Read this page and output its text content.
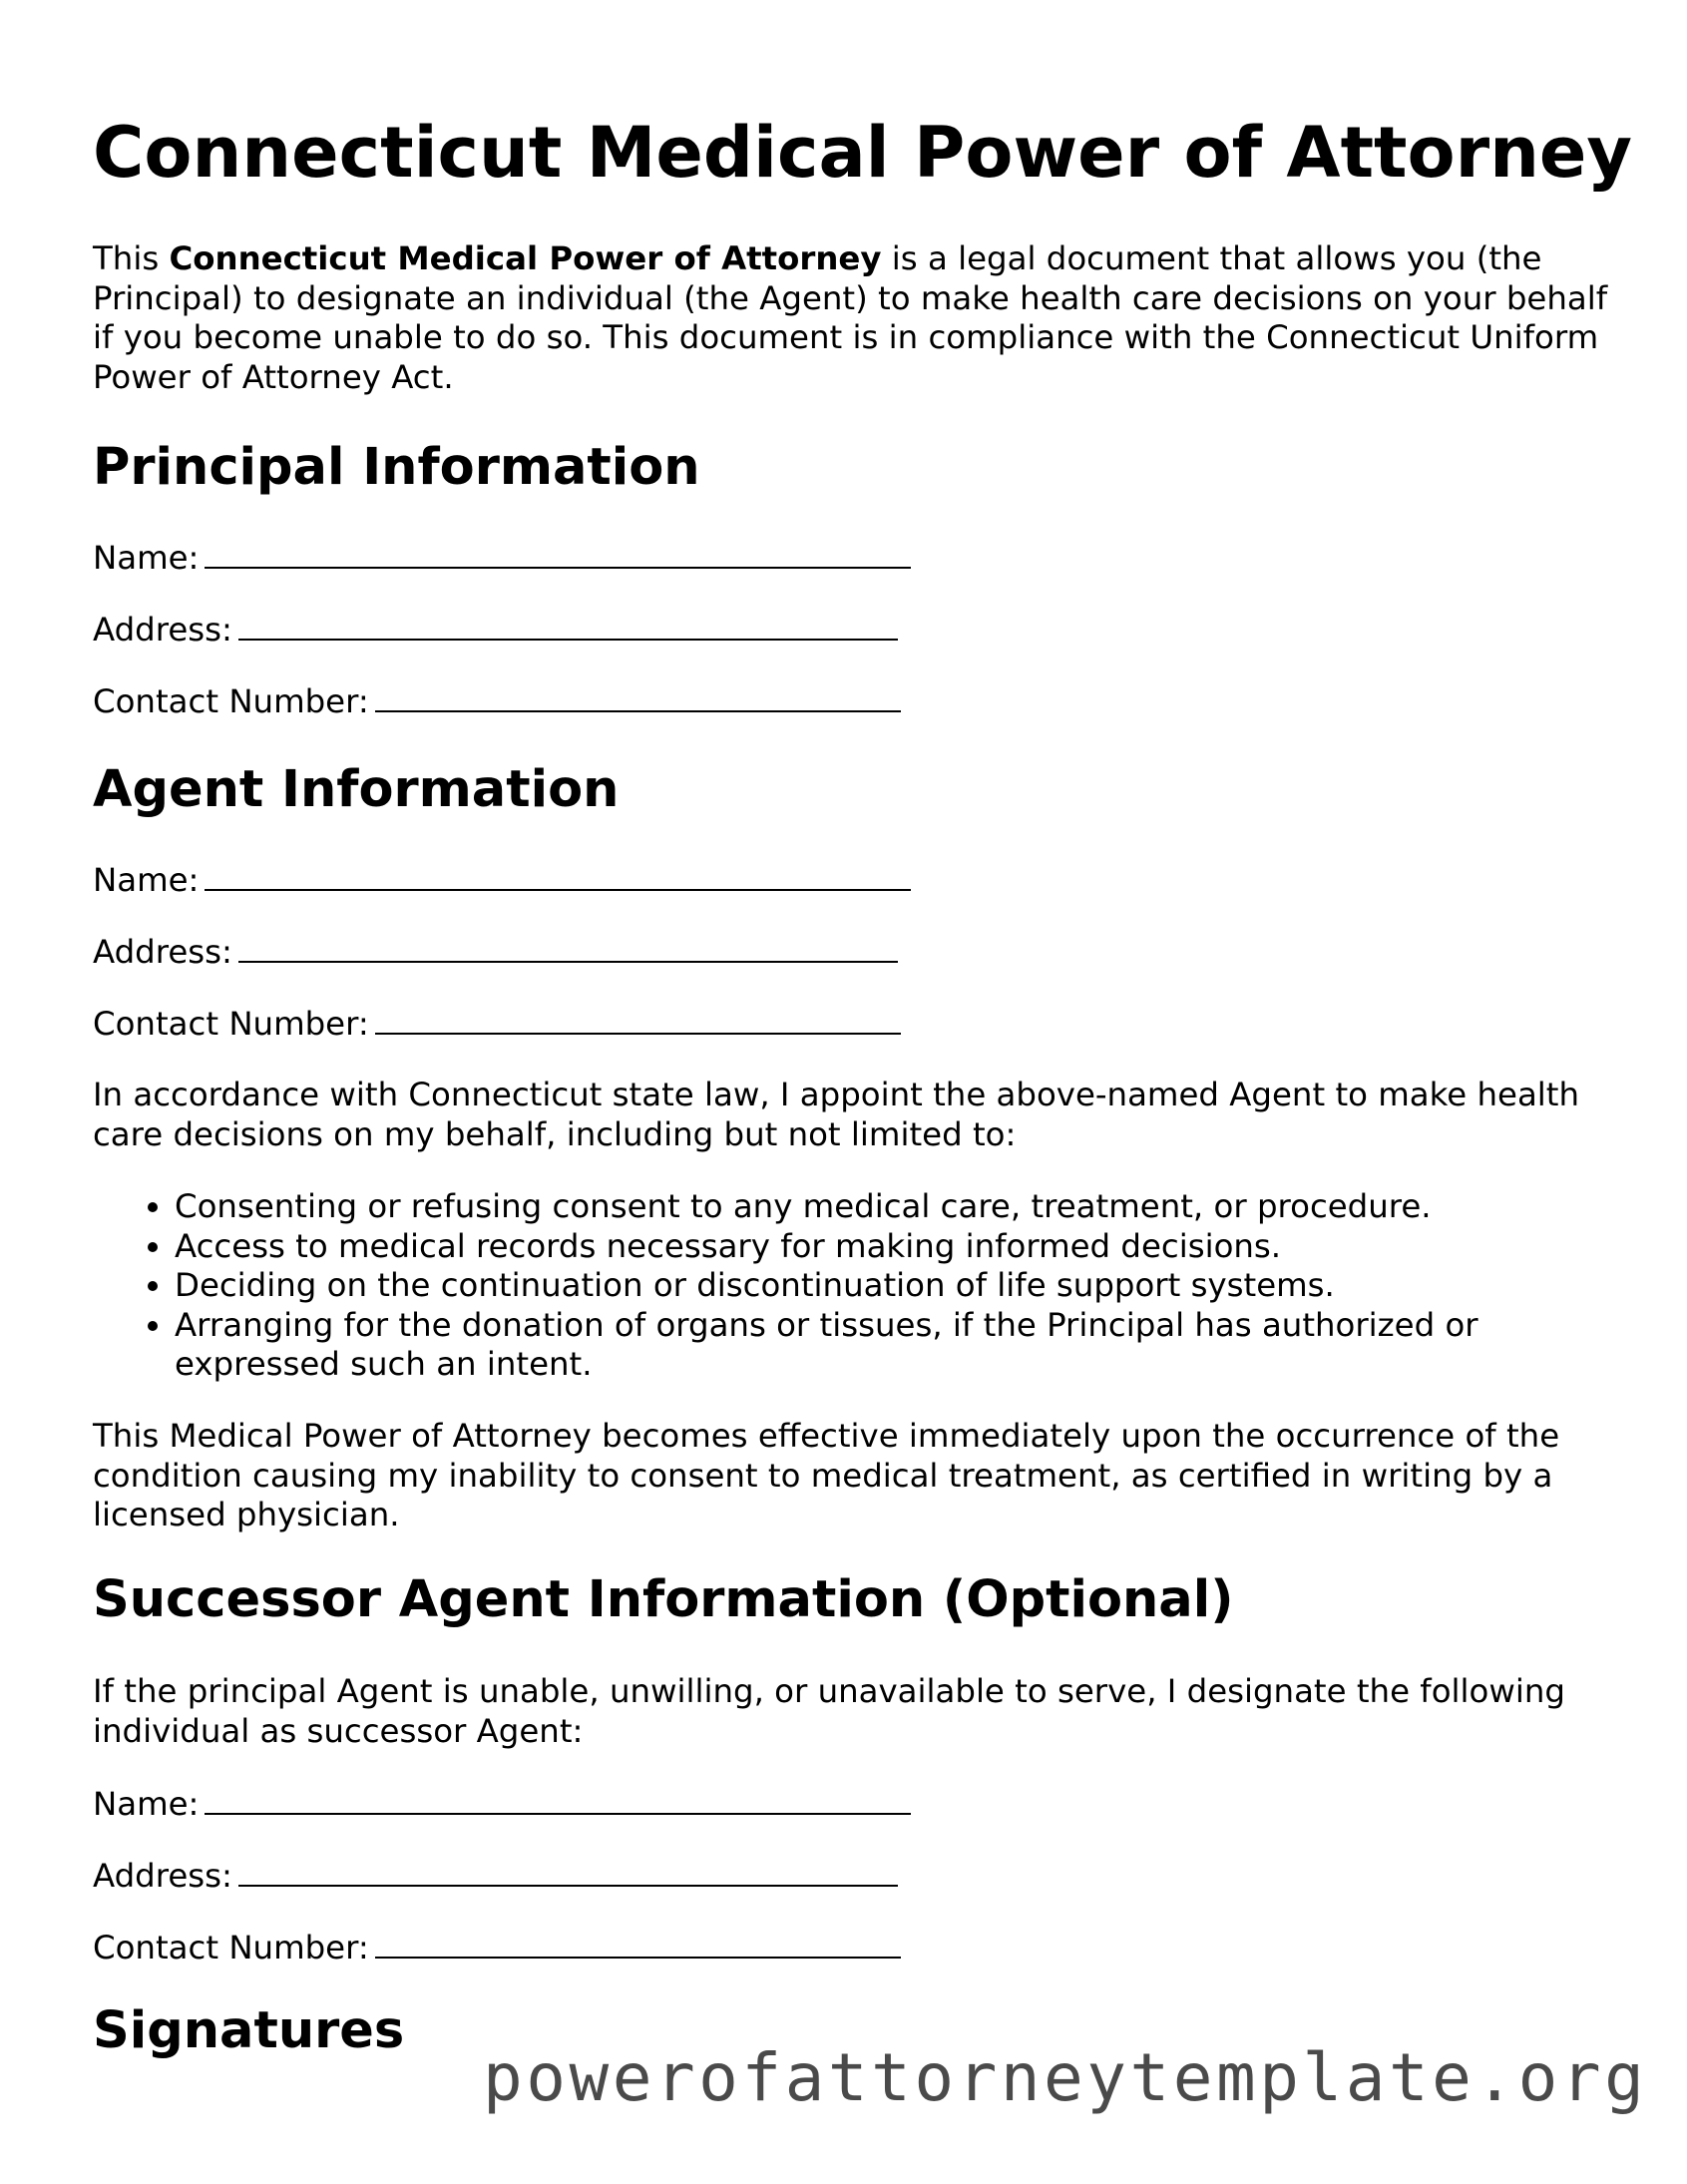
Connecticut Medical Power of Attorney

This Connecticut Medical Power of Attorney is a legal document that allows you (the Principal) to designate an individual (the Agent) to make health care decisions on your behalf if you become unable to do so. This document is in compliance with the Connecticut Uniform Power of Attorney Act.

Principal Information
Name:
Address:
Contact Number:
Agent Information
Name:
Address:
Contact Number:

In accordance with Connecticut state law, I appoint the above-named Agent to make health care decisions on my behalf, including but not limited to:

• Consenting or refusing consent to any medical care, treatment, or procedure.
• Access to medical records necessary for making informed decisions.
• Deciding on the continuation or discontinuation of life support systems.
• Arranging for the donation of organs or tissues, if the Principal has authorized or expressed such an intent.

This Medical Power of Attorney becomes effective immediately upon the occurrence of the condition causing my inability to consent to medical treatment, as certified in writing by a licensed physician.

Successor Agent Information (Optional)

If the principal Agent is unable, unwilling, or unavailable to serve, I designate the following individual as successor Agent:

Name:
Address:
Contact Number:
Signatures
powerofattorneytemplate.org
